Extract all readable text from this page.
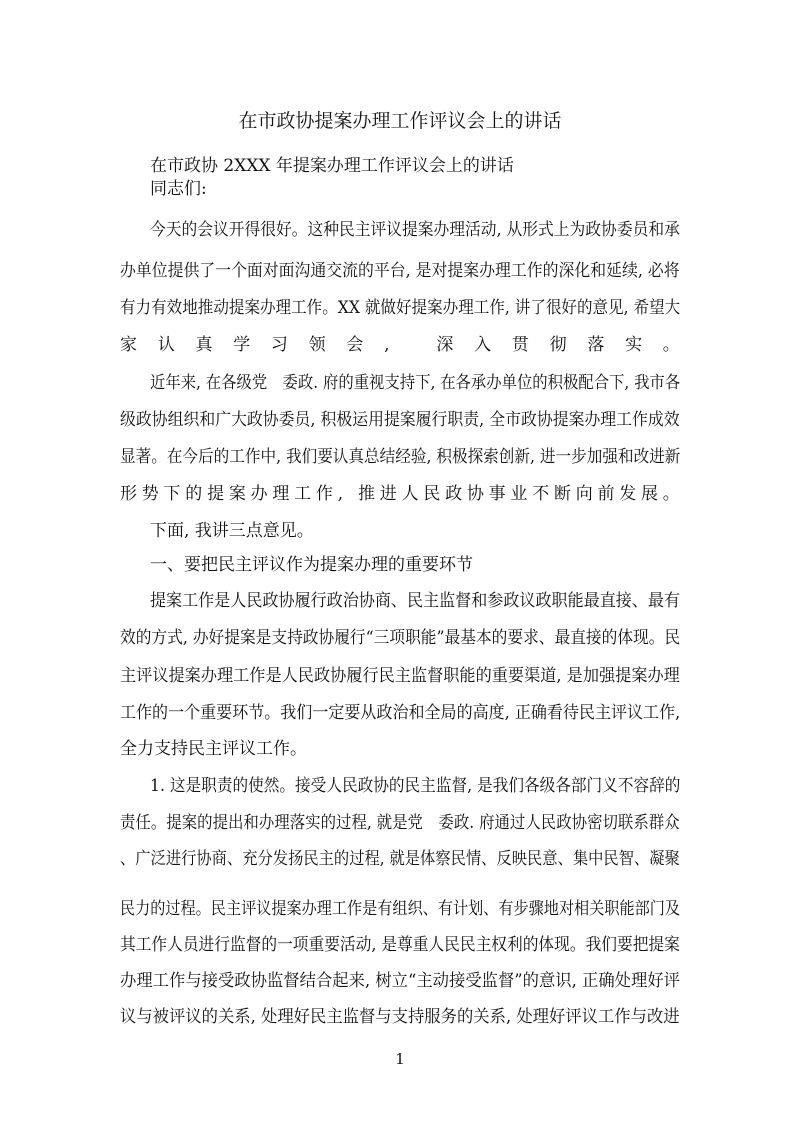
在市政协提案办理工作评议会上的讲话
在市政协 2XXX 年提案办理工作评议会上的讲话
同志们:
今天的会议开得很好。这种民主评议提案办理活动, 从形式上为政协委员和承
办单位提供了一个面对面沟通交流的平台, 是对提案办理工作的深化和延续, 必将
有力有效地推动提案办理工作。XX 就做好提案办理工作, 讲了很好的意见, 希望大
家认真学习领会, 深入贯彻落实。
近年来, 在各级党　委政. 府的重视支持下, 在各承办单位的积极配合下, 我市各
级政协组织和广大政协委员, 积极运用提案履行职责, 全市政协提案办理工作成效
显著。在今后的工作中, 我们要认真总结经验, 积极探索创新, 进一步加强和改进新
形势下的提案办理工作, 推进人民政协事业不断向前发展。
下面, 我讲三点意见。
一、要把民主评议作为提案办理的重要环节
提案工作是人民政协履行政治协商、民主监督和参政议政职能最直接、最有
效的方式, 办好提案是支持政协履行“三项职能”最基本的要求、最直接的体现。民
主评议提案办理工作是人民政协履行民主监督职能的重要渠道, 是加强提案办理
工作的一个重要环节。我们一定要从政治和全局的高度, 正确看待民主评议工作,
全力支持民主评议工作。
1. 这是职责的使然。接受人民政协的民主监督, 是我们各级各部门义不容辞的
责任。提案的提出和办理落实的过程, 就是党　委政. 府通过人民政协密切联系群众
、广泛进行协商、充分发扬民主的过程, 就是体察民情、反映民意、集中民智、凝聚
民力的过程。民主评议提案办理工作是有组织、有计划、有步骤地对相关职能部门及
其工作人员进行监督的一项重要活动, 是尊重人民民主权利的体现。我们要把提案
办理工作与接受政协监督结合起来, 树立“主动接受监督”的意识, 正确处理好评
议与被评议的关系, 处理好民主监督与支持服务的关系, 处理好评议工作与改进
1
